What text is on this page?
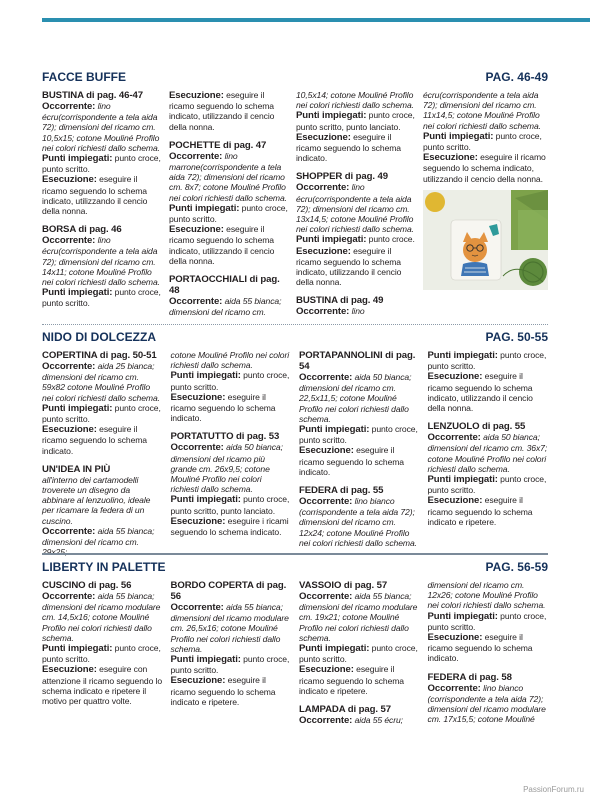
FACCE BUFFE	PAG. 46-49

BUSTINA di pag. 46-47

Occorrente: lino écru(corrispondente a tela aida 72); dimensioni del ricamo cm. 10,5x15; cotone Mouliné Profilo nei colori richiesti dallo schema.

Punti impiegati: punto croce, punto scritto.

Esecuzione: eseguire il ricamo seguendo lo schema indicato, utilizzando il cencio della nonna.

BORSA di pag. 46

Occorrente: lino écru(corrispondente a tela aida 72); dimensioni del ricamo cm. 14x11; cotone Mouliné Profilo nei colori richiesti dallo schema.

Punti impiegati: punto croce, punto scritto.

Esecuzione: eseguire il ricamo seguendo lo schema indicato, utilizzando il cencio della nonna.

POCHETTE di pag. 47

Occorrente: lino marrone(corrispondente a tela aida 72); dimensioni del ricamo cm. 8x7; cotone Mouliné Profilo nei colori richiesti dallo schema.

Punti impiegati: punto croce, punto scritto.

Esecuzione: eseguire il ricamo seguendo lo schema indicato, utilizzando il cencio della nonna.

PORTAOCCHIALI di pag. 48

Occorrente: aida 55 bianca; dimensioni del ricamo cm.

10,5x14; cotone Mouliné Profilo nei colori richiesti dallo schema.

Punti impiegati: punto croce, punto scritto, punto lanciato.

Esecuzione: eseguire il ricamo seguendo lo schema indicato.

SHOPPER di pag. 49

Occorrente: lino écru(corrispondente a tela aida 72); dimensioni del ricamo cm. 13x14,5; cotone Mouliné Profilo nei colori richiesti dallo schema.

Punti impiegati: punto croce.

Esecuzione: eseguire il ricamo seguendo lo schema indicato, utilizzando il cencio della nonna.

BUSTINA di pag. 49

Occorrente: lino

écru(corrispondente a tela aida 72); dimensioni del ricamo cm. 11x14,5; cotone Mouliné Profilo nei colori richiesti dallo schema.

Punti impiegati: punto croce, punto scritto.

Esecuzione: eseguire il ricamo seguendo lo schema indicato, utilizzando il cencio della nonna.

NIDO DI DOLCEZZA	PAG. 50-55

COPERTINA di pag. 50-51

Occorrente: aida 25 bianca; dimensioni del ricamo cm. 59x82 cotone Mouliné Profilo nei colori richiesti dallo schema.

Punti impiegati: punto croce, punto scritto.

Esecuzione: eseguire il ricamo seguendo lo schema indicato.

UN'IDEA IN PIÙ

all'interno dei cartamodelli troverete un disegno da abbinare al lenzuolino, ideale per ricamare la federa di un cuscino.

Occorrente: aida 55 bianca; dimensioni del ricamo cm.

cotone Mouliné Profilo nei colori richiesti dallo schema.

Punti impiegati: punto croce, punto scritto.

Esecuzione: eseguire il ricamo seguendo lo schema indicato.

PORTATUTTO di pag. 53

Occorrente: aida 50 bianca; dimensioni del ricamo più grande cm. 26x9,5; cotone Mouliné Profilo nei colori richiesti dallo schema.

Punti impiegati: punto croce, punto scritto, punto lanciato.

Esecuzione: eseguire i ricami seguendo lo schema indicato.

PORTAPANNOLINI di pag. 54

Occorrente: aida 50 bianca; dimensioni del ricamo cm. 22,5x11,5; cotone Mouliné Profilo nei colori richiesti dallo schema.

Punti impiegati: punto croce, punto scritto.

Esecuzione: eseguire il ricamo seguendo lo schema indicato.

FEDERA di pag. 55

Occorrente: lino bianco (corrispondente a tela aida 72); dimensioni del ricamo cm. 12x24; cotone Mouliné Profilo nei colori richiesti dallo schema.

Punti impiegati: punto croce, punto scritto.

Esecuzione: eseguire il ricamo seguendo lo schema indicato, utilizzando il cencio della nonna.

LENZUOLO di pag. 55

Occorrente: aida 50 bianca; dimensioni del ricamo cm. 36x7; cotone Mouliné Profilo nei colori richiesti dallo schema.

Punti impiegati: punto croce, punto scritto.

Esecuzione: eseguire il ricamo seguendo lo schema indicato e ripetere.

LIBERTY IN PALETTE	PAG. 56-59

CUSCINO di pag. 56

Occorrente: aida 55 bianca; dimensioni del ricamo modulare cm. 14,5x16; cotone Mouliné Profilo nei colori richiesti dallo schema.

Punti impiegati: punto croce, punto scritto.

Esecuzione: eseguire con attenzione il ricamo seguendo lo schema indicato e ripetere il motivo per quattro volte.

BORDO COPERTA di pag. 56

Occorrente: aida 55 bianca; dimensioni del ricamo modulare cm. 26,5x16; cotone Mouliné Profilo nei colori richiesti dallo schema.

Punti impiegati: punto croce, punto scritto.

Esecuzione: eseguire il ricamo seguendo lo schema indicato e ripetere.

VASSOIO di pag. 57

Occorrente: aida 55 bianca; dimensioni del ricamo modulare cm. 19x21; cotone Mouliné Profilo nei colori richiesti dallo schema.

Punti impiegati: punto croce, punto scritto.

Esecuzione: eseguire il ricamo seguendo lo schema indicato e ripetere.

LAMPADA di pag. 57

Occorrente: aida 55 écru;

dimensioni del ricamo cm. 12x26; cotone Mouliné Profilo nei colori richiesti dallo schema.

Punti impiegati: punto croce, punto scritto.

Esecuzione: eseguire il ricamo seguendo lo schema indicato.

FEDERA di pag. 58

Occorrente: lino bianco (corrispondente a tela aida 72); dimensioni del ricamo modulare cm. 17x15,5; cotone Mouliné

PassionForum.ru
